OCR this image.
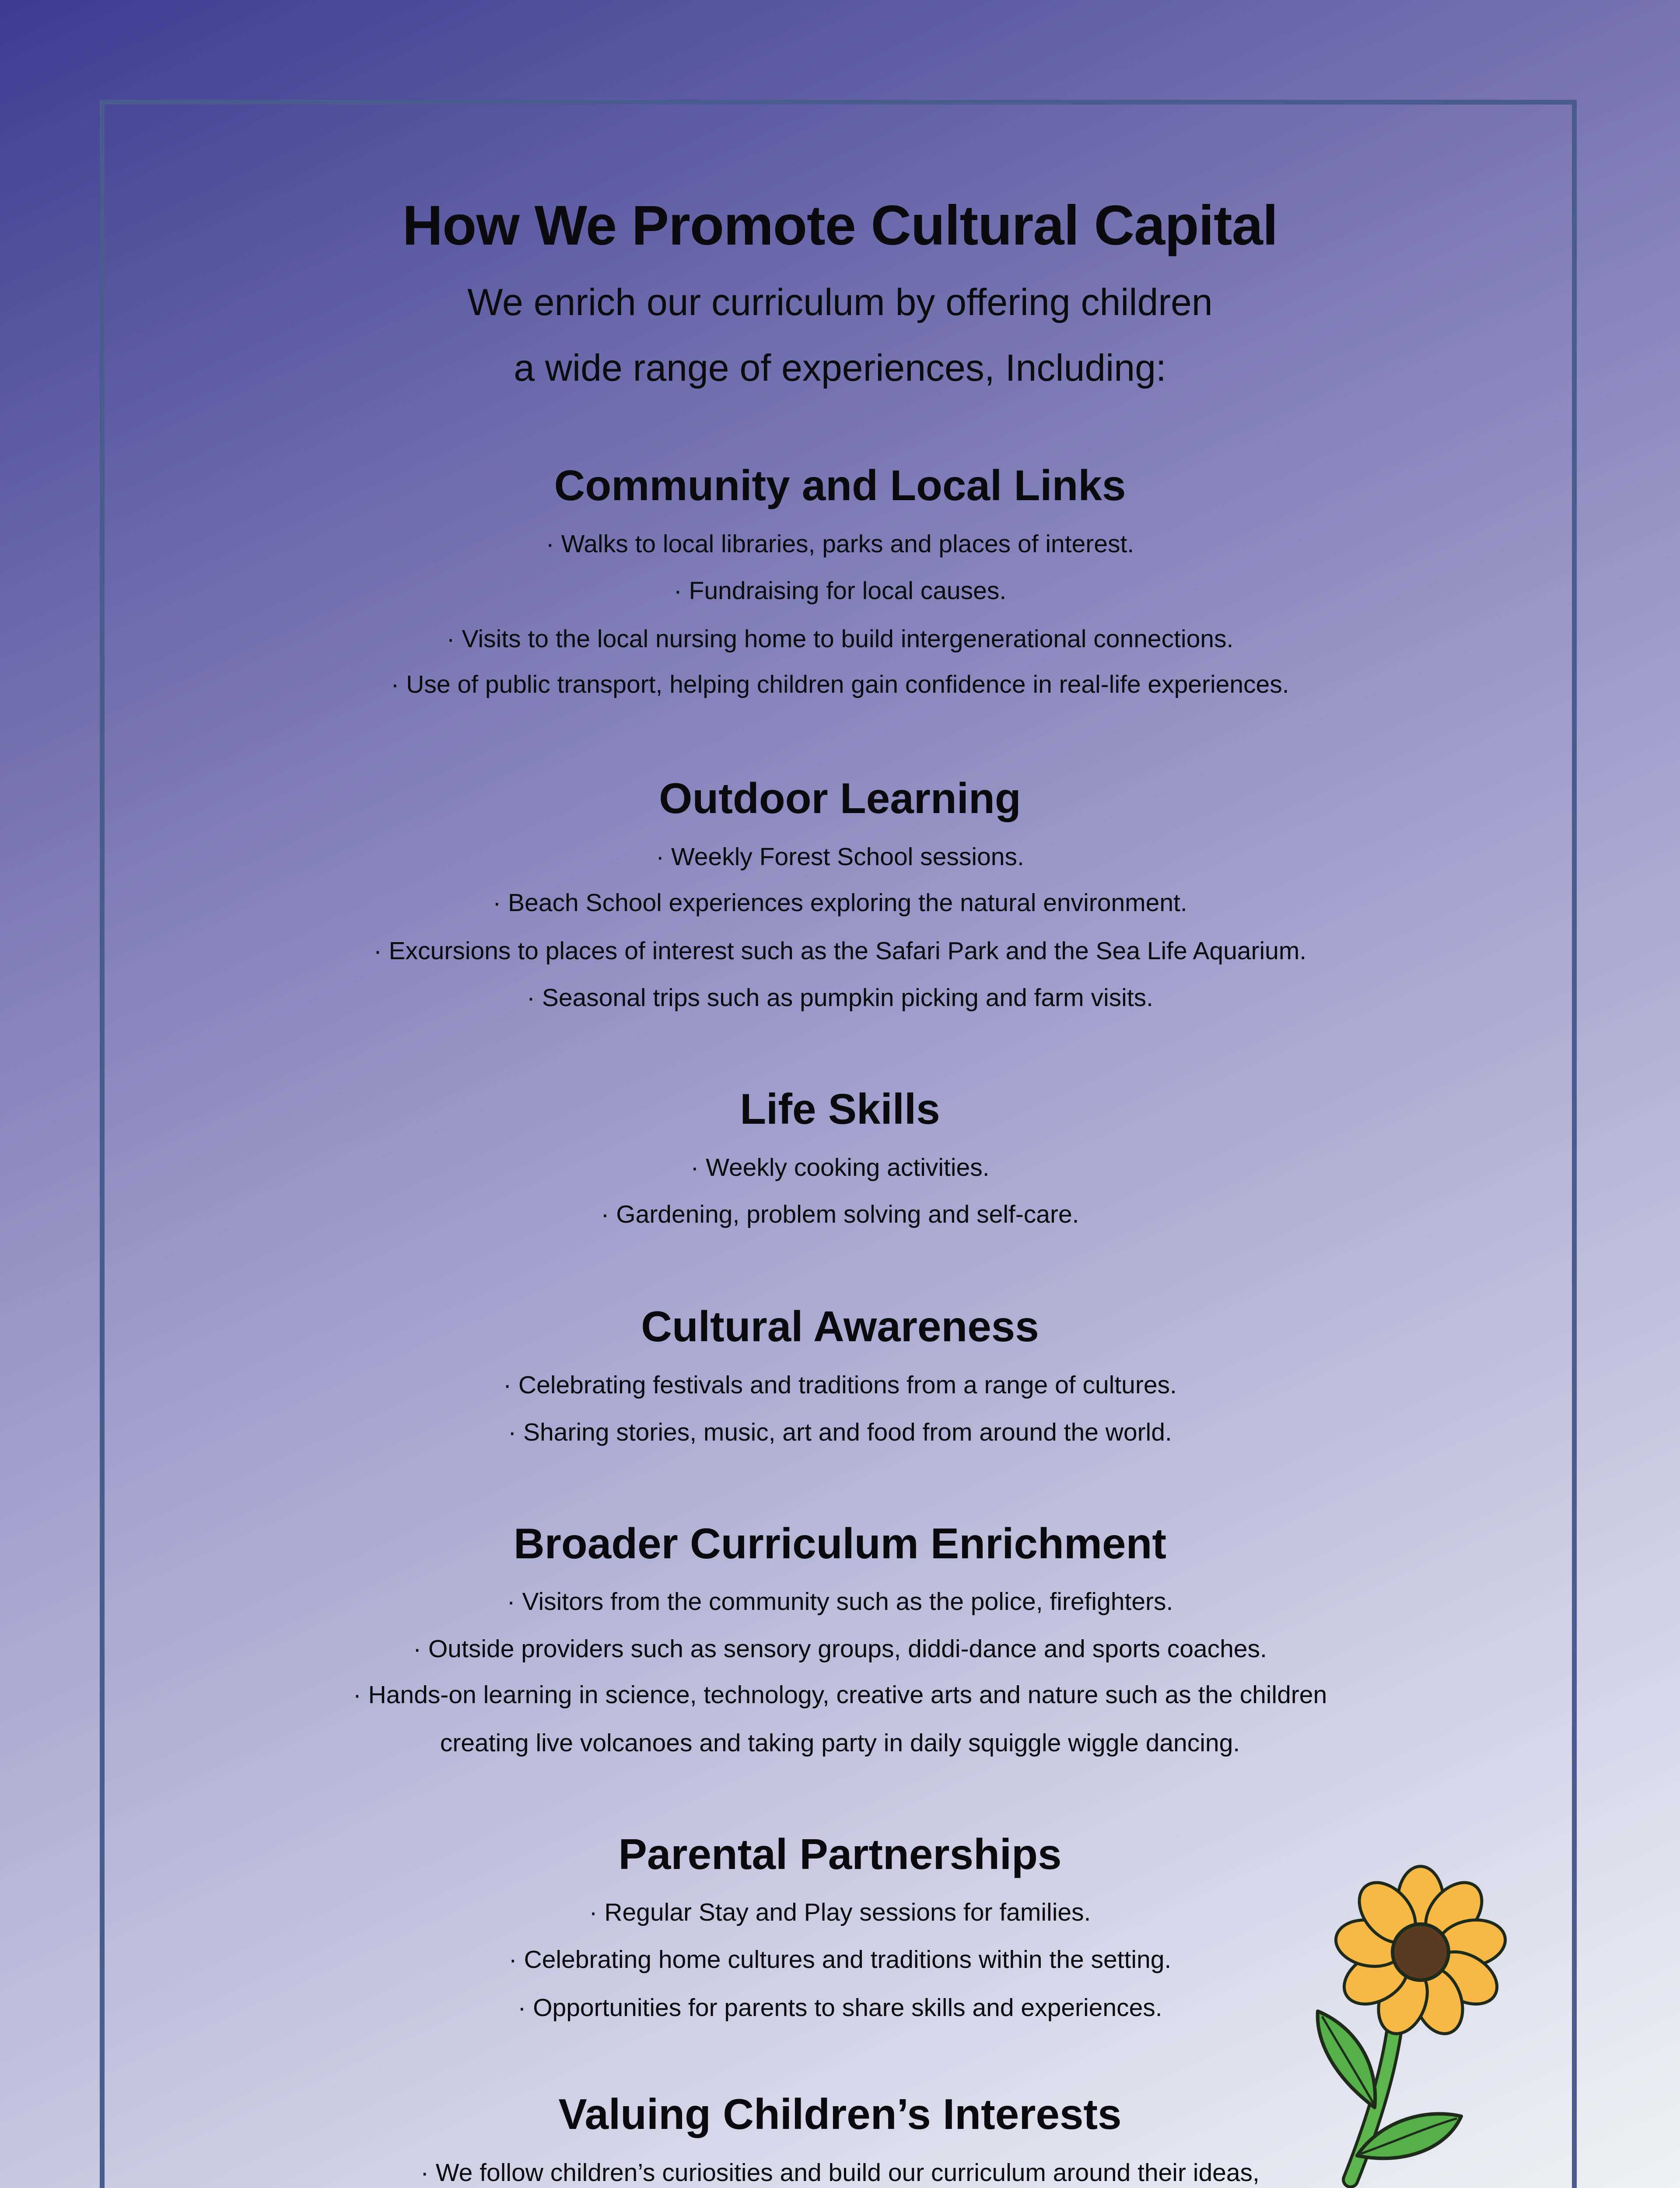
How We Promote Cultural Capital
We enrich our curriculum by offering children
a wide range of experiences, Including:
Community and Local Links
· Walks to local libraries, parks and places of interest.
· Fundraising for local causes.
· Visits to the local nursing home to build intergenerational connections.
· Use of public transport, helping children gain confidence in real-life experiences.
Outdoor Learning
· Weekly Forest School sessions.
· Beach School experiences exploring the natural environment.
· Excursions to places of interest such as the Safari Park and the Sea Life Aquarium.
· Seasonal trips such as pumpkin picking and farm visits.
Life Skills
· Weekly cooking activities.
· Gardening, problem solving and self-care.
Cultural Awareness
· Celebrating festivals and traditions from a range of cultures.
· Sharing stories, music, art and food from around the world.
Broader Curriculum Enrichment
· Visitors from the community such as the police, firefighters.
· Outside providers such as sensory groups, diddi-dance and sports coaches.
· Hands-on learning in science, technology, creative arts and nature such as the children
creating live volcanoes and taking party in daily squiggle wiggle dancing.
Parental Partnerships
· Regular Stay and Play sessions for families.
· Celebrating home cultures and traditions within the setting.
· Opportunities for parents to share skills and experiences.
Valuing Children’s Interests
· We follow children’s curiosities and build our curriculum around their ideas,
